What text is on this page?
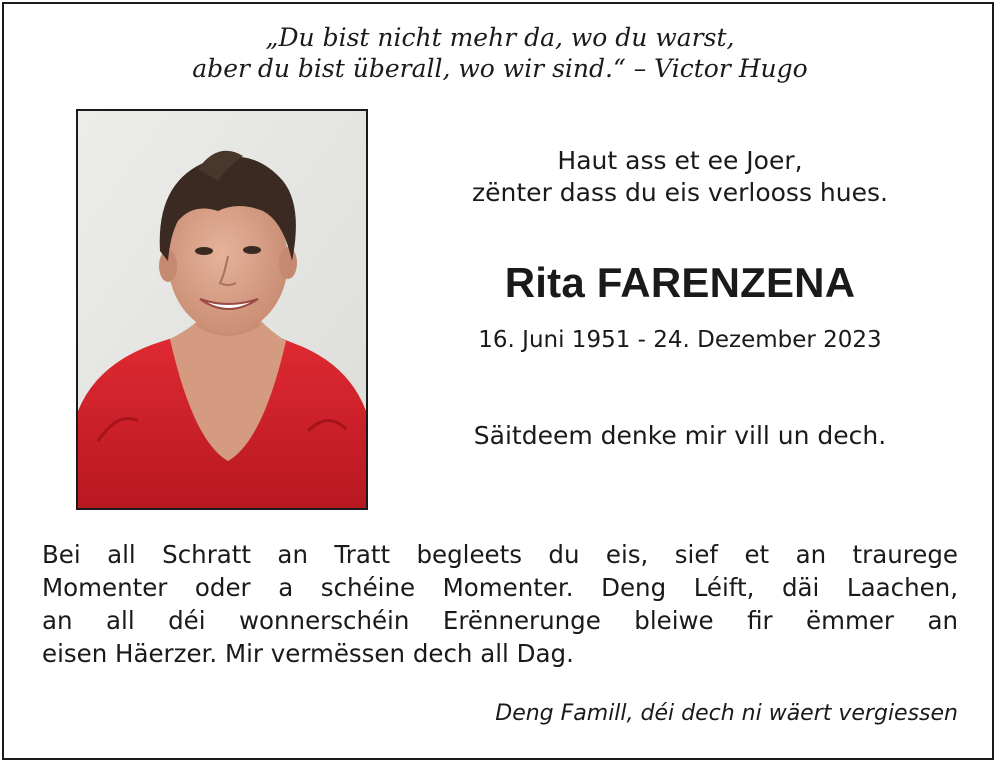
„Du bist nicht mehr da, wo du warst,
aber du bist überall, wo wir sind.“ – Victor Hugo
Haut ass et ee Joer,
zënter dass du eis verlooss hues.
Rita FARENZENA
16. Juni 1951 - 24. Dezember 2023
Säitdeem denke mir vill un dech.
Bei all Schratt an Tratt begleets du eis, sief et an traurege
Momenter oder a schéine Momenter. Deng Léift, däi Laachen,
an all déi wonnerschéin Erënnerunge bleiwe fir ëmmer an
eisen Häerzer. Mir vermëssen dech all Dag.
Deng Famill, déi dech ni wäert vergiessen
